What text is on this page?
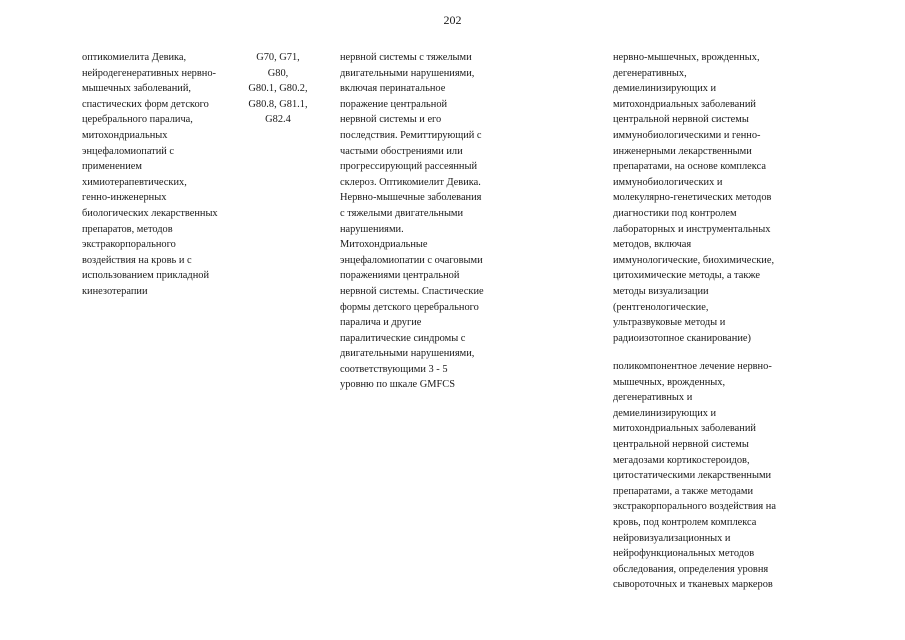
202
оптикомиелита Девика,
нейродегенеративных нервно-
мышечных заболеваний,
спастических форм детского
церебрального паралича,
митохондриальных
энцефаломиопатий с
применением
химиотерапевтических,
генно-инженерных
биологических лекарственных
препаратов, методов
экстракорпорального
воздействия на кровь и с
использованием прикладной
кинезотерапии
G70, G71, G80,
G80.1, G80.2,
G80.8, G81.1,
G82.4
нервной системы с тяжелыми
двигательными нарушениями,
включая перинатальное
поражение центральной
нервной системы и его
последствия. Ремиттирующий с
частыми обострениями или
прогрессирующий рассеянный
склероз. Оптикомиелит Девика.
Нервно-мышечные заболевания
с тяжелыми двигательными
нарушениями.
Митохондриальные
энцефаломиопатии с очаговыми
поражениями центральной
нервной системы. Спастические
формы детского церебрального
паралича и другие
паралитические синдромы с
двигательными нарушениями,
соответствующими 3 - 5
уровню по шкале GMFCS
нервно-мышечных, врожденных,
дегенеративных,
демиелинизирующих и
митохондриальных заболеваний
центральной нервной системы
иммунобиологическими и генно-
инженерными лекарственными
препаратами, на основе комплекса
иммунобиологических и
молекулярно-генетических методов
диагностики под контролем
лабораторных и инструментальных
методов, включая
иммунологические, биохимические,
цитохимические методы, а также
методы визуализации
(рентгенологические,
ультразвуковые методы и
радиоизотопное сканирование)
поликомпонентное лечение нервно-
мышечных, врожденных,
дегенеративных и
демиелинизирующих и
митохондриальных заболеваний
центральной нервной системы
мегадозами кортикостероидов,
цитостатическими лекарственными
препаратами, а также методами
экстракорпорального воздействия на
кровь, под контролем комплекса
нейровизуализационных и
нейрофункциональных методов
обследования, определения уровня
сывороточных и тканевых маркеров
